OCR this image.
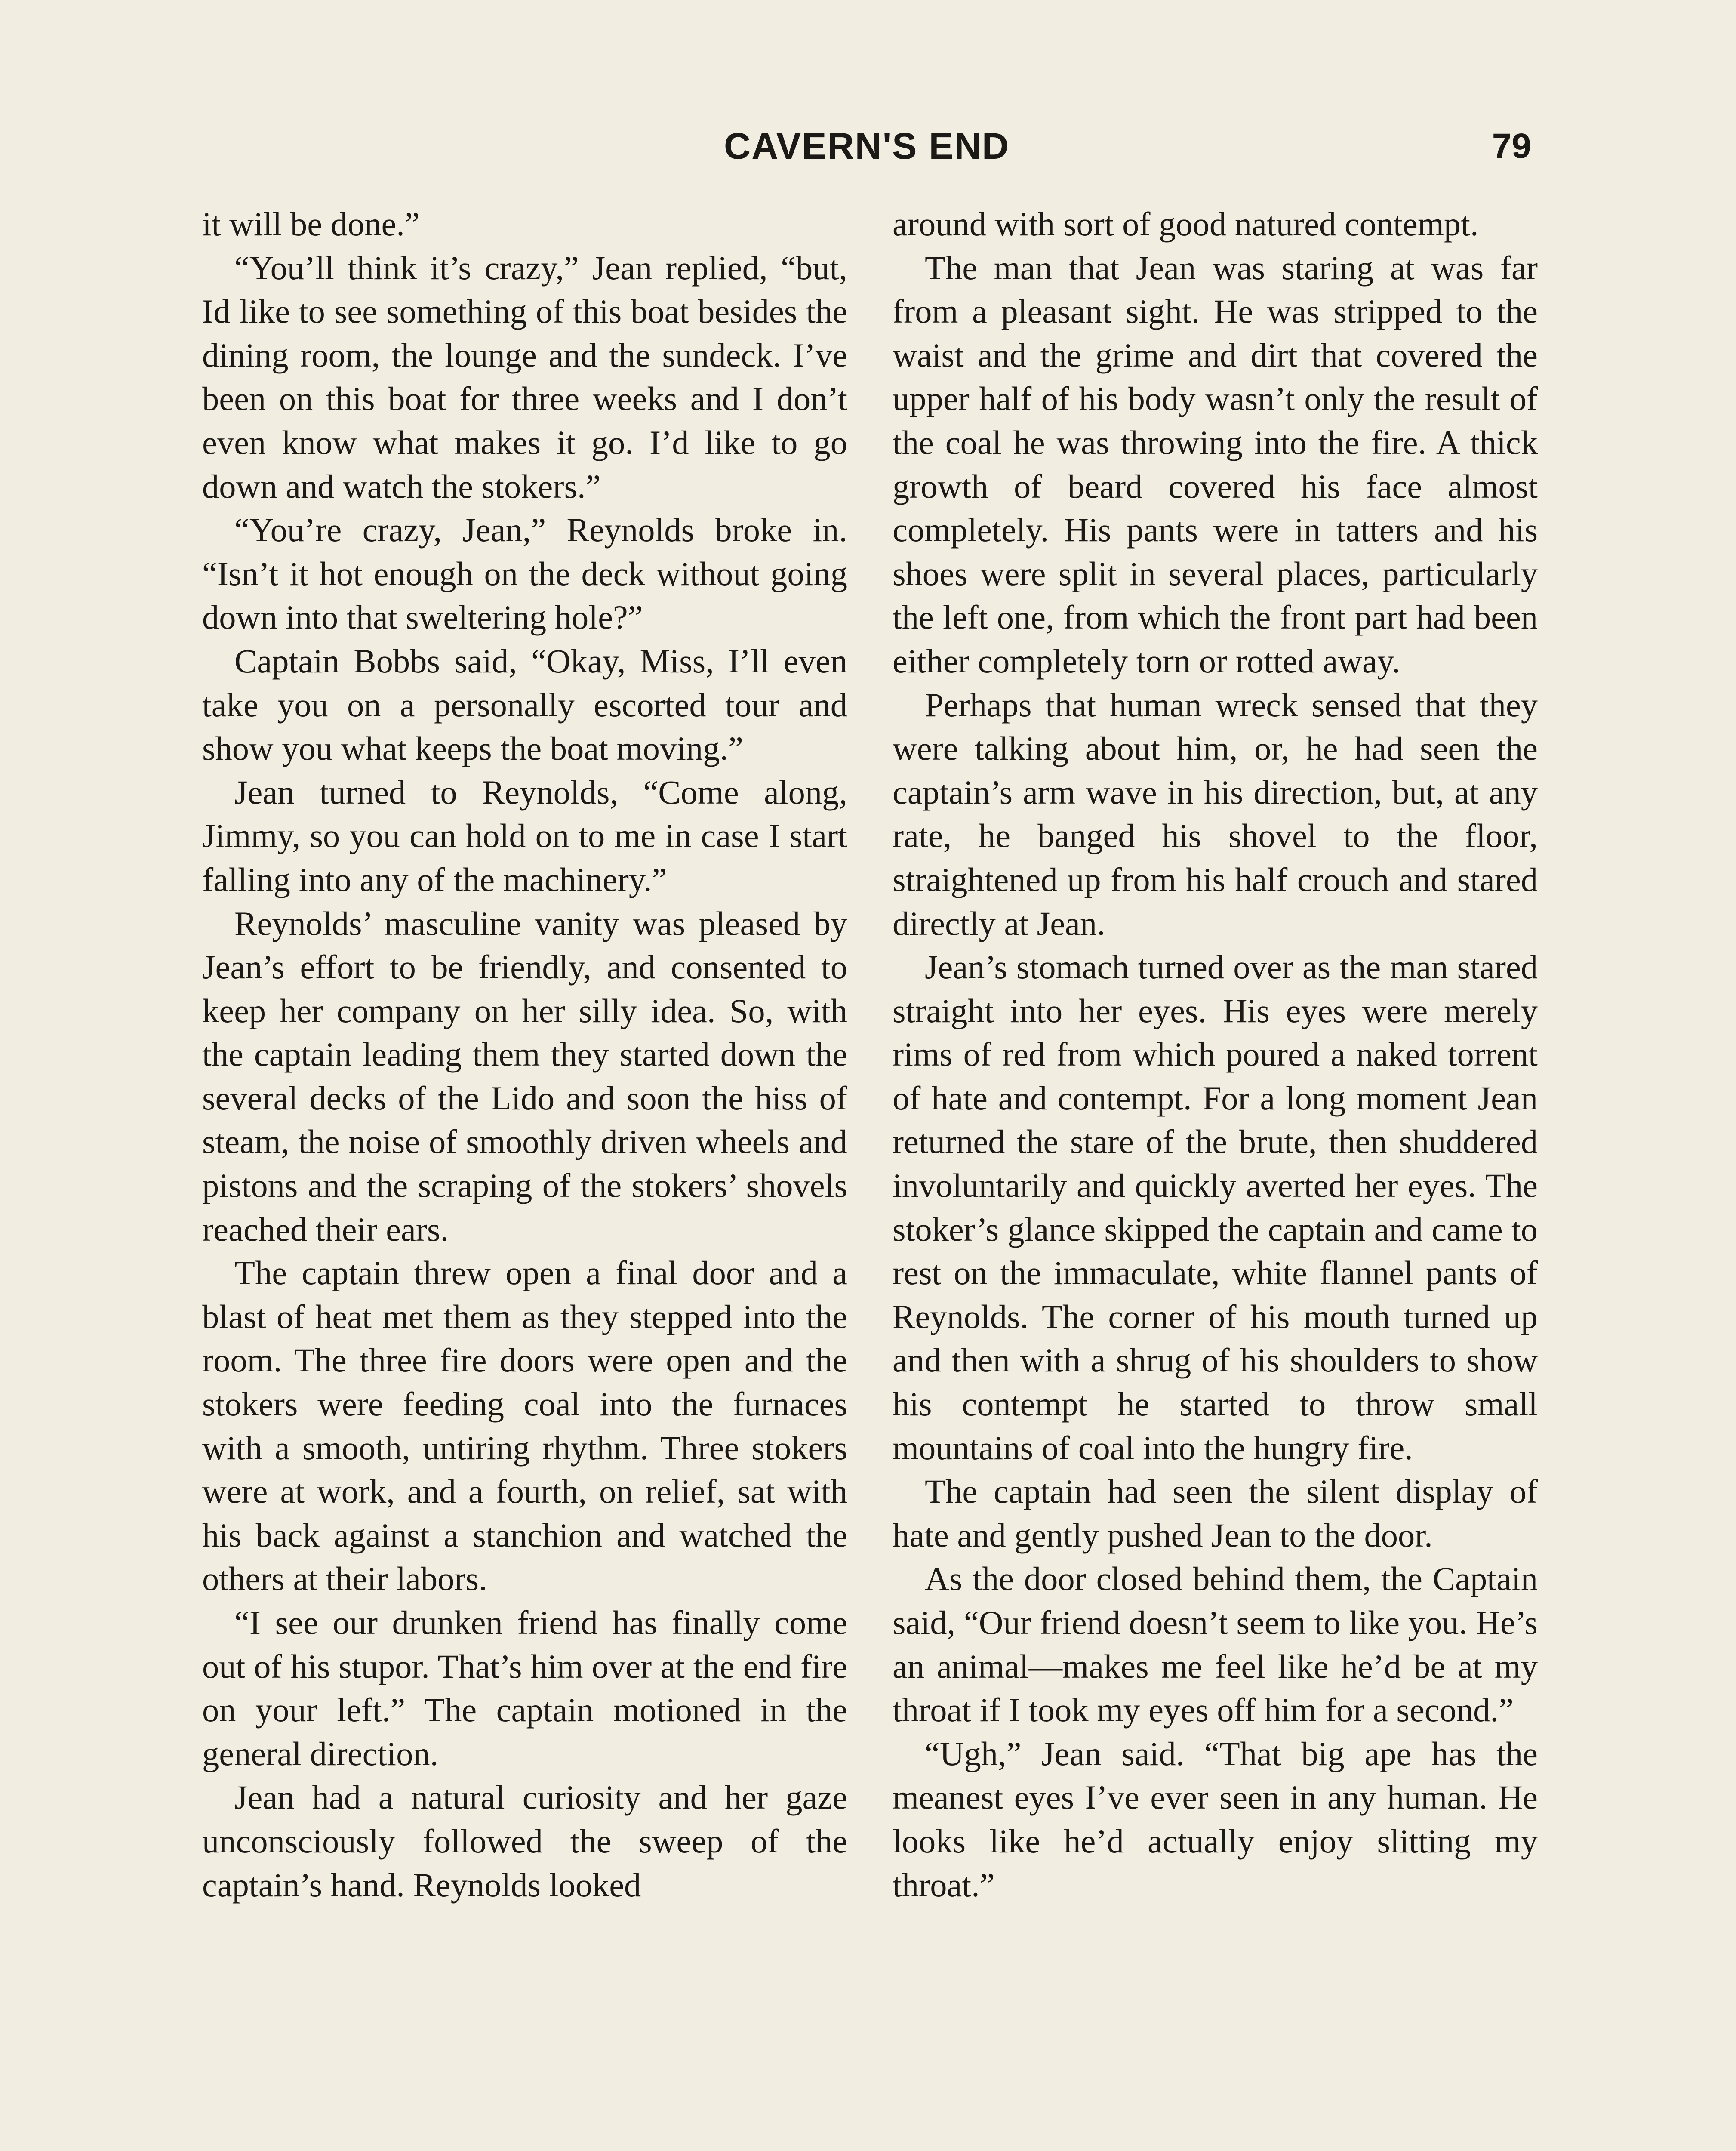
CAVERN'S END	79

it will be done.”

“You’ll think it’s crazy,” Jean replied, “but, Id like to see something of this boat besides the dining room, the lounge and the sundeck. I’ve been on this boat for three weeks and I don’t even know what makes it go. I’d like to go down and watch the stokers.”

“You’re crazy, Jean,” Reynolds broke in. “Isn’t it hot enough on the deck without going down into that sweltering hole?”

Captain Bobbs said, “Okay, Miss, I’ll even take you on a personally escorted tour and show you what keeps the boat moving.”

Jean turned to Reynolds, “Come along, Jimmy, so you can hold on to me in case I start falling into any of the machinery.”

Reynolds’ masculine vanity was pleased by Jean’s effort to be friendly, and consented to keep her company on her silly idea. So, with the captain leading them they started down the several decks of the Lido and soon the hiss of steam, the noise of smoothly driven wheels and pistons and the scraping of the stokers’ shovels reached their ears.

The captain threw open a final door and a blast of heat met them as they stepped into the room. The three fire doors were open and the stokers were feeding coal into the furnaces with a smooth, untiring rhythm. Three stokers were at work, and a fourth, on relief, sat with his back against a stanchion and watched the others at their labors.

“I see our drunken friend has finally come out of his stupor. That’s him over at the end fire on your left.” The captain motioned in the general direction.

Jean had a natural curiosity and her gaze unconsciously followed the sweep of the captain’s hand. Reynolds looked

around with sort of good natured contempt.

The man that Jean was staring at was far from a pleasant sight. He was stripped to the waist and the grime and dirt that covered the upper half of his body wasn’t only the result of the coal he was throwing into the fire. A thick growth of beard covered his face almost completely. His pants were in tatters and his shoes were split in several places, particularly the left one, from which the front part had been either completely torn or rotted away.

Perhaps that human wreck sensed that they were talking about him, or, he had seen the captain’s arm wave in his direction, but, at any rate, he banged his shovel to the floor, straightened up from his half crouch and stared directly at Jean.

Jean’s stomach turned over as the man stared straight into her eyes. His eyes were merely rims of red from which poured a naked torrent of hate and contempt. For a long moment Jean returned the stare of the brute, then shuddered involuntarily and quickly averted her eyes. The stoker’s glance skipped the captain and came to rest on the immaculate, white flannel pants of Reynolds. The corner of his mouth turned up and then with a shrug of his shoulders to show his contempt he started to throw small mountains of coal into the hungry fire.

The captain had seen the silent display of hate and gently pushed Jean to the door.

As the door closed behind them, the Captain said, “Our friend doesn’t seem to like you. He’s an animal—makes me feel like he’d be at my throat if I took my eyes off him for a second.”

“Ugh,” Jean said. “That big ape has the meanest eyes I’ve ever seen in any human. He looks like he’d actually enjoy slitting my throat.”
